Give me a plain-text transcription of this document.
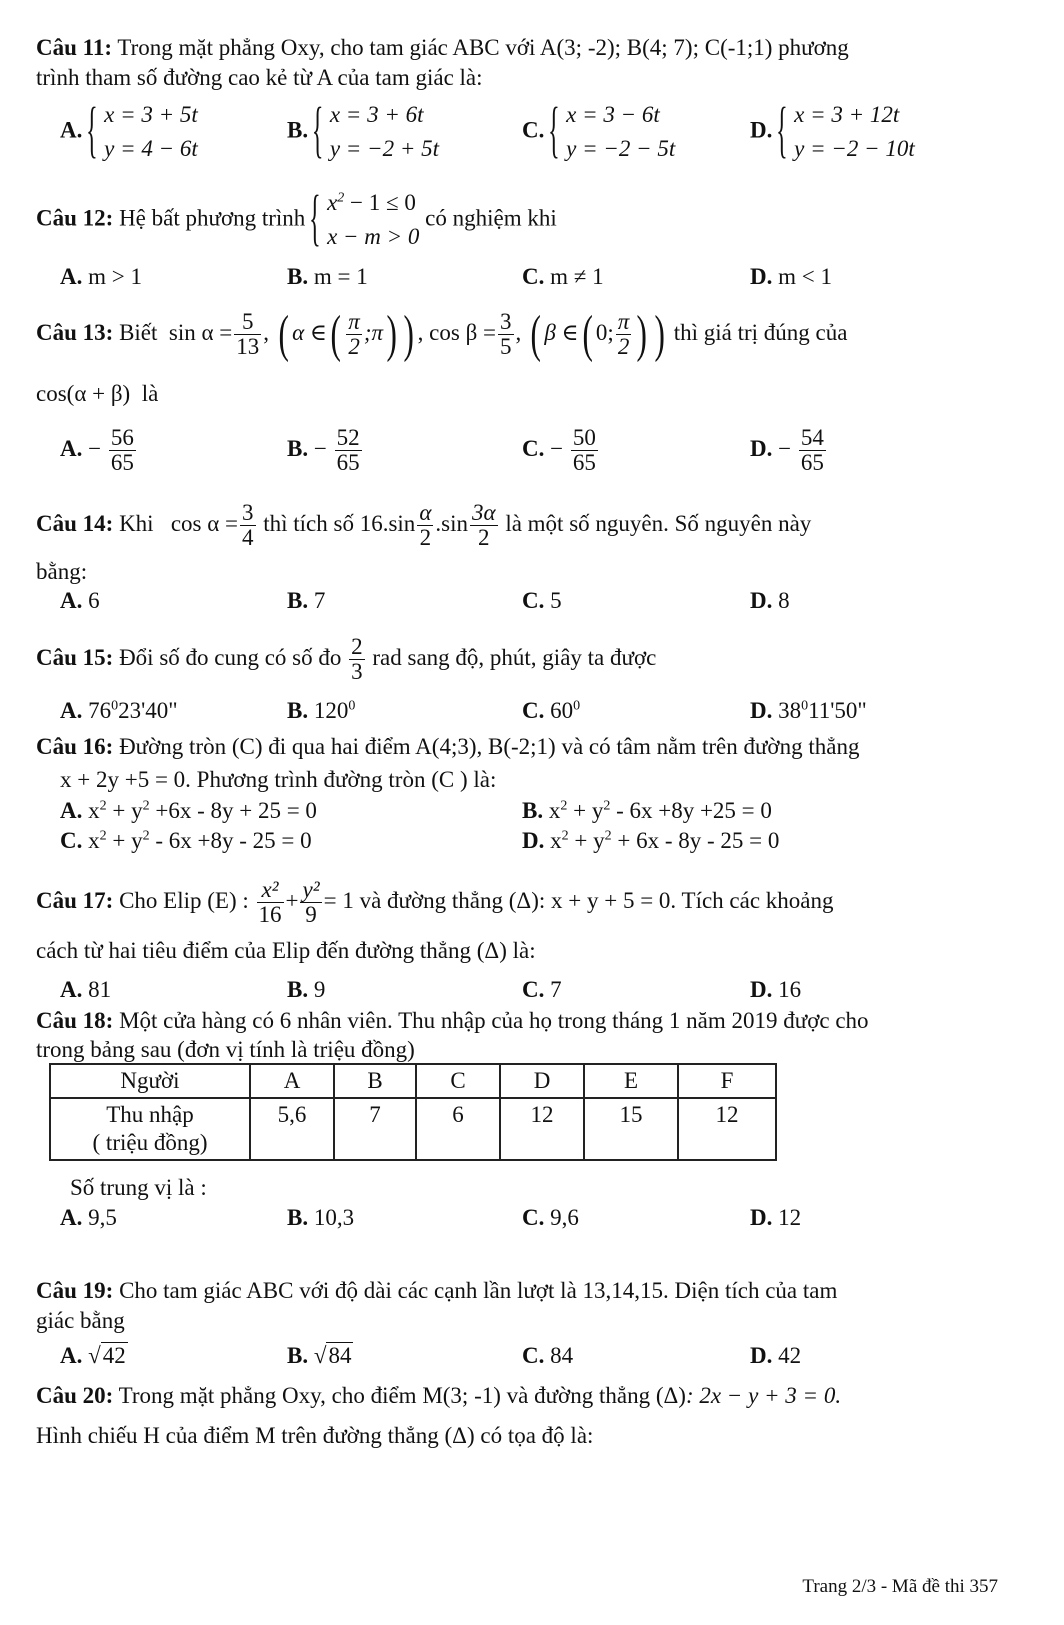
Câu 11: Trong mặt phẳng Oxy, cho tam giác ABC với A(3; -2); B(4; 7); C(-1;1) phương
trình tham số đường cao kẻ từ A của tam giác là:
A.
{ x = 3 + 5t
y = 4 − 6t
B.
{ x = 3 + 6t
y = −2 + 5t
C.
{ x = 3 − 6t
y = −2 − 5t
D.
{ x = 3 + 12t
y = −2 − 10t
Câu 12: Hệ bất phương trình
{ $x^2 - 1 \le 0$
x − m > 0
có nghiệm khi
A. m > 1	B. m = 1	C. m ≠ 1	D. m < 1
Câu 13: Biết $\sin \alpha = \frac{5}{13}$ , ( α ∈( $\frac{\pi}{2}$ ;π) ) , $\cos \beta = \frac{3}{5}$ , ( β ∈( 0; $\frac{\pi}{2}$ ) ) thì giá trị đúng của
cos(α + β) là
A. − $\frac{56}{65}$	B. − $\frac{52}{65}$	C. − $\frac{50}{65}$	D. − $\frac{54}{65}$
Câu 14: Khi $\cos \alpha = \frac{3}{4}$ thì tích số $16.\sin \frac{\alpha}{2} .\sin \frac{3\alpha}{2}$ là một số nguyên. Số nguyên này
bằng:
A. 6	B. 7	C. 5	D. 8
Câu 15: Đổi số đo cung có số đo $\frac{2}{3}$ rad sang độ, phút, giây ta được
A. $76^023'40$"	B. $120^0$	C. $60^0$	D. $38^011'50$"
Câu 16: Đường tròn (C) đi qua hai điểm A(4;3), B(-2;1) và có tâm nằm trên đường thẳng
x + 2y +5 = 0. Phương trình đường tròn (C ) là:
A. $x^2 + y^2 +6x - 8y + 25 = 0$	B. $x^2 + y^2 - 6x +8y +25 = 0$
C. $x^2 + y^2 - 6x +8y - 25 = 0$	D. $x^2 + y^2 + 6x - 8y - 25 = 0$
Câu 17: Cho Elip (E) : $\frac{\text{x²}}{16} + \frac{\text{y²}}{9} = 1$ và đường thẳng (Δ): x + y + 5 = 0. Tích các khoảng
cách từ hai tiêu điểm của Elip đến đường thẳng (Δ) là:
A. 81	B. 9	C. 7	D. 16
Câu 18: Một cửa hàng có 6 nhân viên. Thu nhập của họ trong tháng 1 năm 2019 được cho
trong bảng sau (đơn vị tính là triệu đồng)
Người	A	B	C	D	E	F

Thu nhập
( triệu đồng)	5,6	7	6	12	15	12
Số trung vị là :
A. 9,5	B. 10,3	C. 9,6	D. 12
Câu 19: Cho tam giác ABC với độ dài các cạnh lần lượt là 13,14,15. Diện tích của tam
giác bằng
A. √42	B. √84	C. 84	D. 42
Câu 20: Trong mặt phẳng Oxy, cho điểm M(3; -1) và đường thẳng (Δ): 2x − y + 3 = 0.
Hình chiếu H của điểm M trên đường thẳng (Δ) có tọa độ là:
Trang 2/3 - Mã đề thi 357
